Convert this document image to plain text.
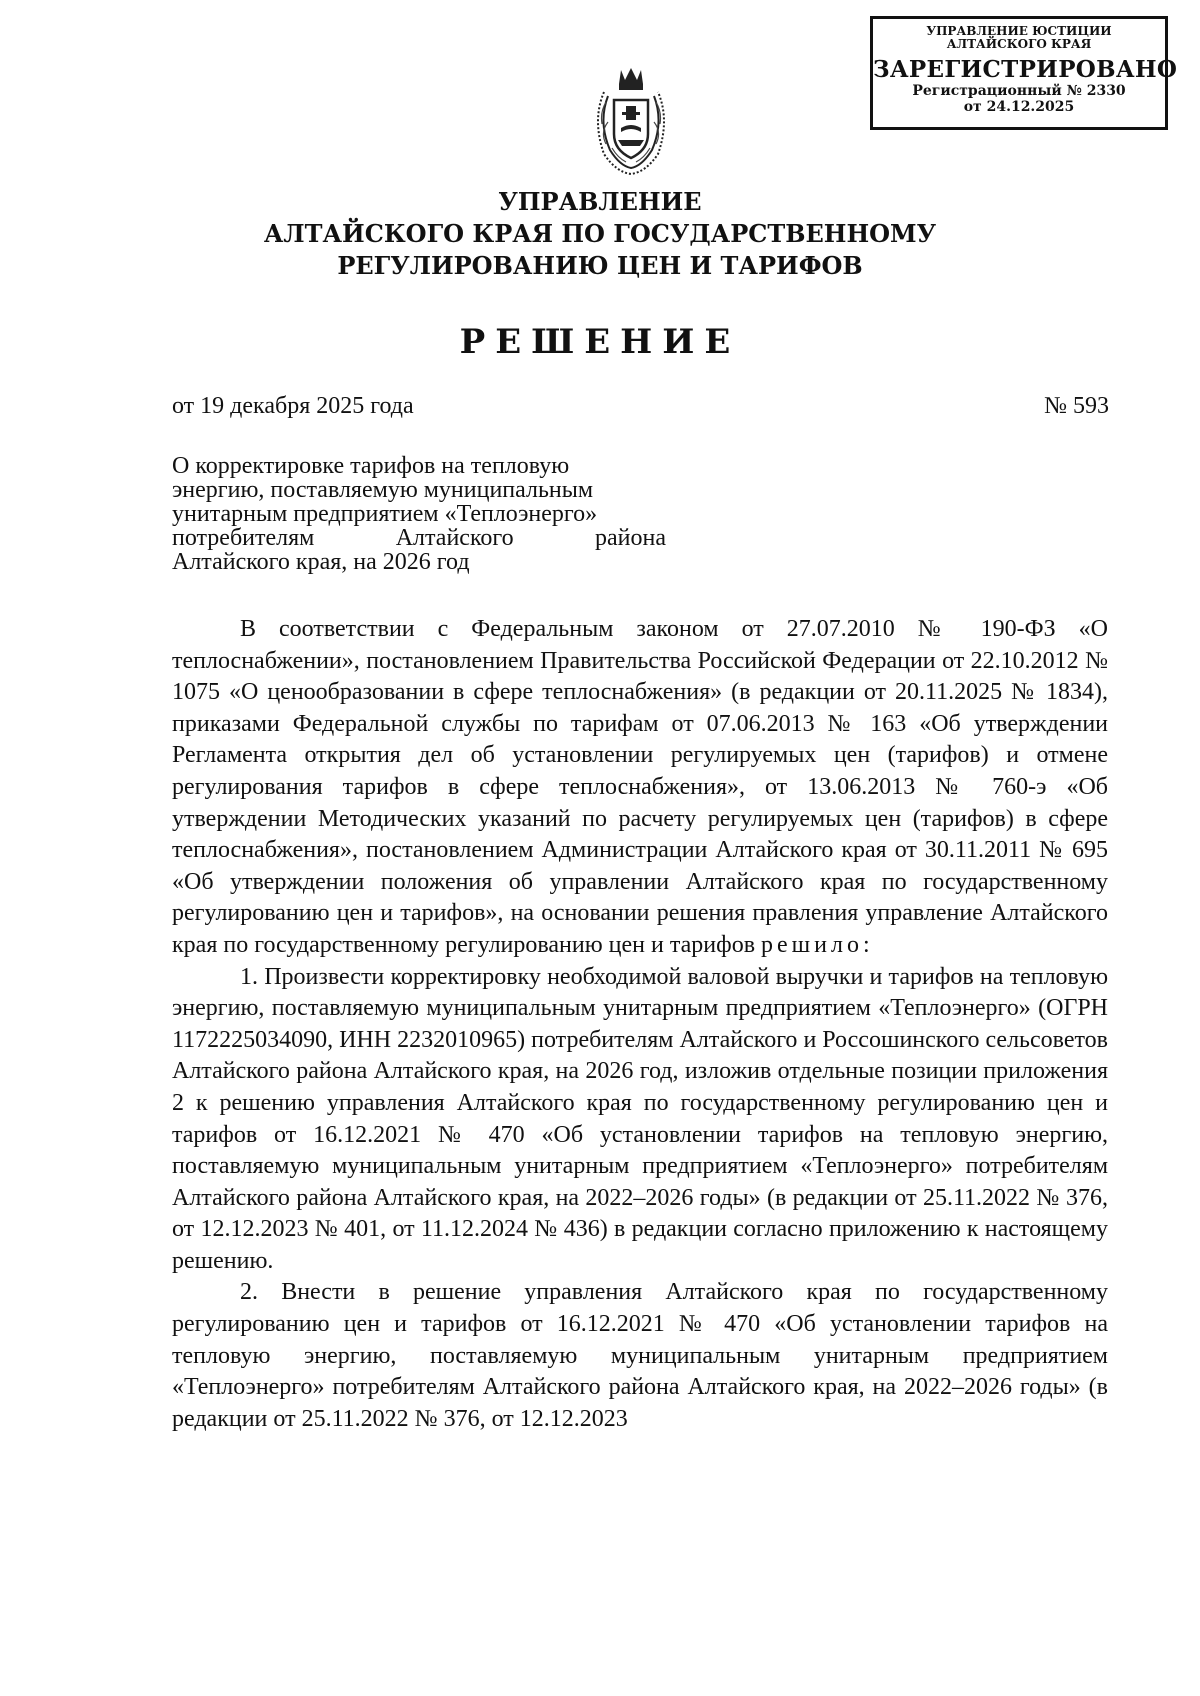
УПРАВЛЕНИЕ ЮСТИЦИИ
АЛТАЙСКОГО КРАЯ
ЗАРЕГИСТРИРОВАНО
Регистрационный № 2330
от 24.12.2025
УПРАВЛЕНИЕ
АЛТАЙСКОГО КРАЯ ПО ГОСУДАРСТВЕННОМУ
РЕГУЛИРОВАНИЮ ЦЕН И ТАРИФОВ
РЕШЕНИЕ
от 19 декабря 2025 года	№ 593
О корректировке тарифов на тепловую
энергию, поставляемую муниципальным
унитарным предприятием «Теплоэнерго»
потребителям Алтайского района
Алтайского края, на 2026 год

В соответствии с Федеральным законом от 27.07.2010 № 190-ФЗ «О теплоснабжении», постановлением Правительства Российской Федерации от 22.10.2012 № 1075 «О ценообразовании в сфере теплоснабжения» (в редакции от 20.11.2025 № 1834), приказами Федеральной службы по тарифам от 07.06.2013 № 163 «Об утверждении Регламента открытия дел об установлении регулируемых цен (тарифов) и отмене регулирования тарифов в сфере теплоснабжения», от 13.06.2013 № 760-э «Об утверждении Методических указаний по расчету регулируемых цен (тарифов) в сфере теплоснабжения», постановлением Администрации Алтайского края от 30.11.2011 № 695 «Об утверждении положения об управлении Алтайского края по государственному регулированию цен и тарифов», на основании решения правления управление Алтайского края по государственному регулированию цен и тарифов решило:

1. Произвести корректировку необходимой валовой выручки и тарифов на тепловую энергию, поставляемую муниципальным унитарным предприятием «Теплоэнерго» (ОГРН 1172225034090, ИНН 2232010965) потребителям Алтайского и Россошинского сельсоветов Алтайского района Алтайского края, на 2026 год, изложив отдельные позиции приложения 2 к решению управления Алтайского края по государственному регулированию цен и тарифов от 16.12.2021 № 470 «Об установлении тарифов на тепловую энергию, поставляемую муниципальным унитарным предприятием «Теплоэнерго» потребителям Алтайского района Алтайского края, на 2022–2026 годы» (в редакции от 25.11.2022 № 376, от 12.12.2023 № 401, от 11.12.2024 № 436) в редакции согласно приложению к настоящему решению.

2. Внести в решение управления Алтайского края по государственному регулированию цен и тарифов от 16.12.2021 № 470 «Об установлении тарифов на тепловую энергию, поставляемую муниципальным унитарным предприятием «Теплоэнерго» потребителям Алтайского района Алтайского края, на 2022–2026 годы» (в редакции от 25.11.2022 № 376, от 12.12.2023
